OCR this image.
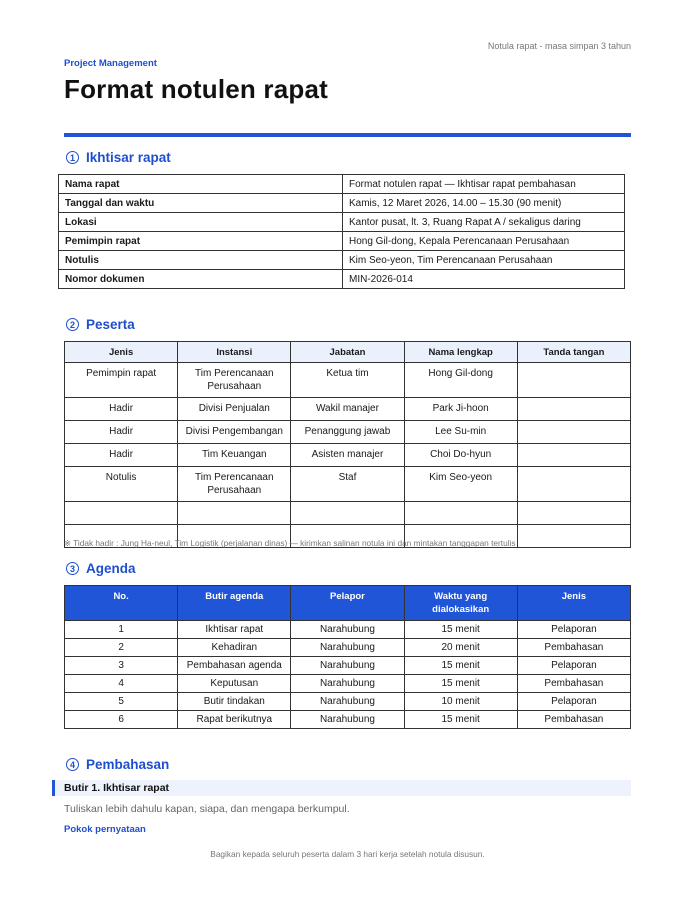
Notula rapat - masa simpan 3 tahun
Project Management
Format notulen rapat
1 Ikhtisar rapat
Nama rapat	Format notulen rapat — Ikhtisar rapat pembahasan
Tanggal dan waktu	Kamis, 12 Maret 2026, 14.00 – 15.30 (90 menit)
Lokasi	Kantor pusat, lt. 3, Ruang Rapat A / sekaligus daring
Pemimpin rapat	Hong Gil-dong, Kepala Perencanaan Perusahaan
Notulis	Kim Seo-yeon, Tim Perencanaan Perusahaan
Nomor dokumen	MIN-2026-014
2 Peserta
Jenis	Instansi	Jabatan	Nama lengkap	Tanda tangan
Pemimpin rapat	Tim Perencanaan Perusahaan	Ketua tim	Hong Gil-dong	
Hadir	Divisi Penjualan	Wakil manajer	Park Ji-hoon	
Hadir	Divisi Pengembangan	Penanggung jawab	Lee Su-min	
Hadir	Tim Keuangan	Asisten manajer	Choi Do-hyun	
Notulis	Tim Perencanaan Perusahaan	Staf	Kim Seo-yeon	

※ Tidak hadir : Jung Ha-neul, Tim Logistik (perjalanan dinas) — kirimkan salinan notula ini dan mintakan tanggapan tertulis
3 Agenda
No.	Butir agenda	Pelapor	Waktu yang dialokasikan	Jenis
1	Ikhtisar rapat	Narahubung	15 menit	Pelaporan
2	Kehadiran	Narahubung	20 menit	Pembahasan
3	Pembahasan agenda	Narahubung	15 menit	Pelaporan
4	Keputusan	Narahubung	15 menit	Pembahasan
5	Butir tindakan	Narahubung	10 menit	Pelaporan
6	Rapat berikutnya	Narahubung	15 menit	Pembahasan
4 Pembahasan
Butir 1. Ikhtisar rapat
Tuliskan lebih dahulu kapan, siapa, dan mengapa berkumpul.
Pokok pernyataan
Bagikan kepada seluruh peserta dalam 3 hari kerja setelah notula disusun.
